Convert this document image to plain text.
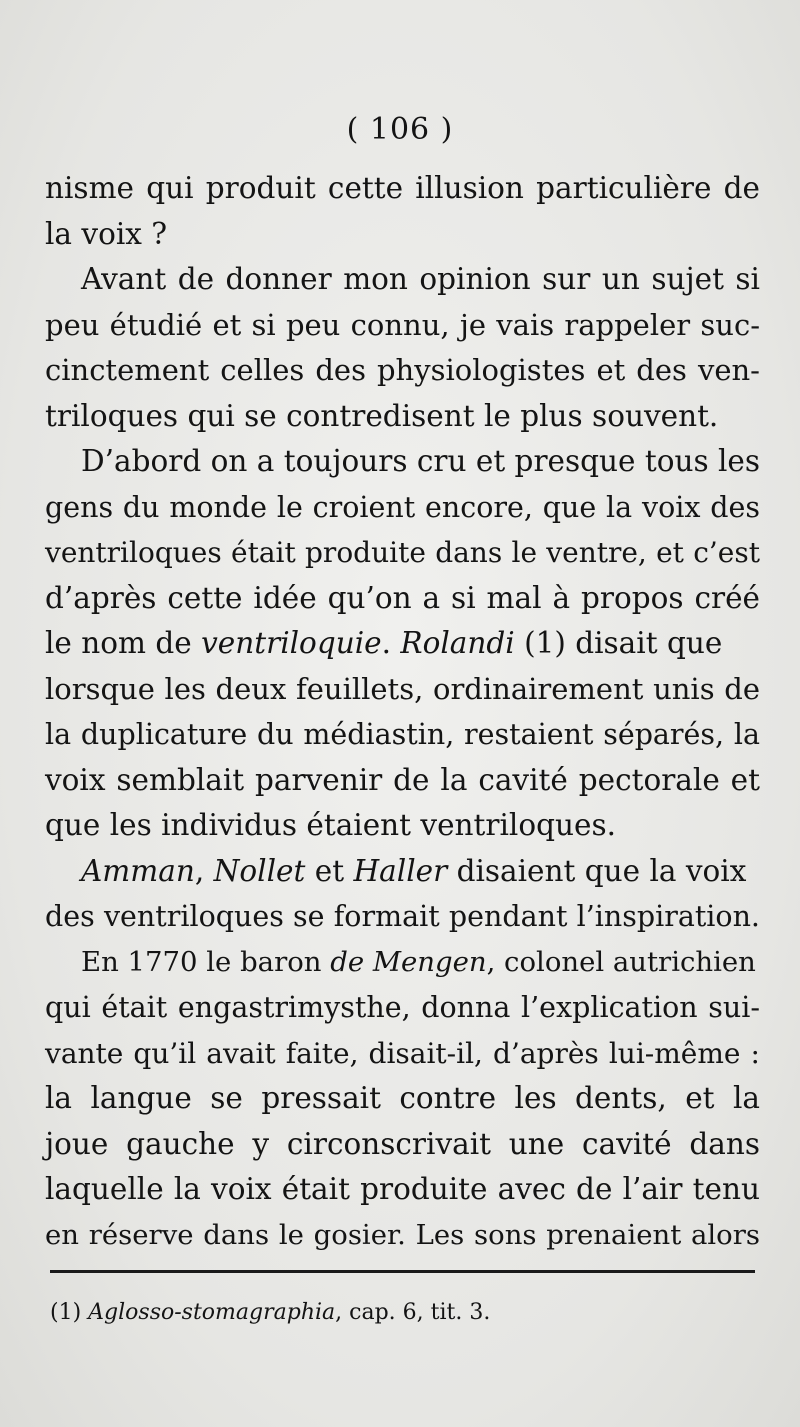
( 106 )
nisme qui produit cette illusion particulière de
la voix ?
Avant de donner mon opinion sur un sujet si
peu étudié et si peu connu, je vais rappeler suc-
cinctement celles des physiologistes et des ven-
triloques qui se contredisent le plus souvent.
D’abord on a toujours cru et presque tous les
gens du monde le croient encore, que la voix des
ventriloques était produite dans le ventre, et c’est
d’après cette idée qu’on a si mal à propos créé
le nom de ventriloquie. Rolandi (1) disait que
lorsque les deux feuillets, ordinairement unis de
la duplicature du médiastin, restaient séparés, la
voix semblait parvenir de la cavité pectorale et
que les individus étaient ventriloques.
Amman, Nollet et Haller disaient que la voix
des ventriloques se formait pendant l’inspiration.
En 1770 le baron de Mengen, colonel autrichien
qui était engastrimysthe, donna l’explication sui-
vante qu’il avait faite, disait-il, d’après lui-même :
la langue se pressait contre les dents, et la
joue gauche y circonscrivait une cavité dans
laquelle la voix était produite avec de l’air tenu
en réserve dans le gosier. Les sons prenaient alors
(1) Aglosso-stomagraphia, cap. 6, tit. 3.
